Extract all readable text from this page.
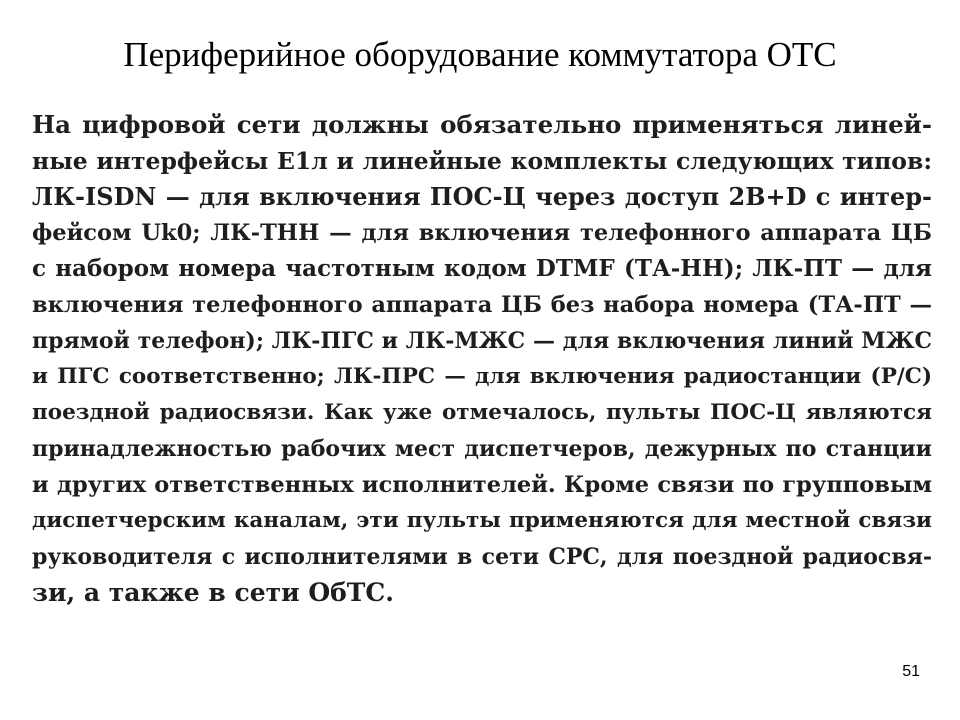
Периферийное оборудование коммутатора ОТС
На цифровой сети должны обязательно применяться линей-
ные интерфейсы Е1л и линейные комплекты следующих типов:
ЛК-ISDN — для включения ПОС-Ц через доступ 2B+D с интер-
фейсом Uk0; ЛК-ТНН — для включения телефонного аппарата ЦБ
с набором номера частотным кодом DTMF (ТА-НН); ЛК-ПТ — для
включения телефонного аппарата ЦБ без набора номера (ТА-ПТ —
прямой телефон); ЛК-ПГС и ЛК-МЖС — для включения линий МЖС
и ПГС соответственно; ЛК-ПРС — для включения радиостанции (Р/С)
поездной радиосвязи. Как уже отмечалось, пульты ПОС-Ц являются
принадлежностью рабочих мест диспетчеров, дежурных по станции
и других ответственных исполнителей. Кроме связи по групповым
диспетчерским каналам, эти пульты применяются для местной связи
руководителя с исполнителями в сети СРС, для поездной радиосвя-
зи, а также в сети ОбТС.
51
